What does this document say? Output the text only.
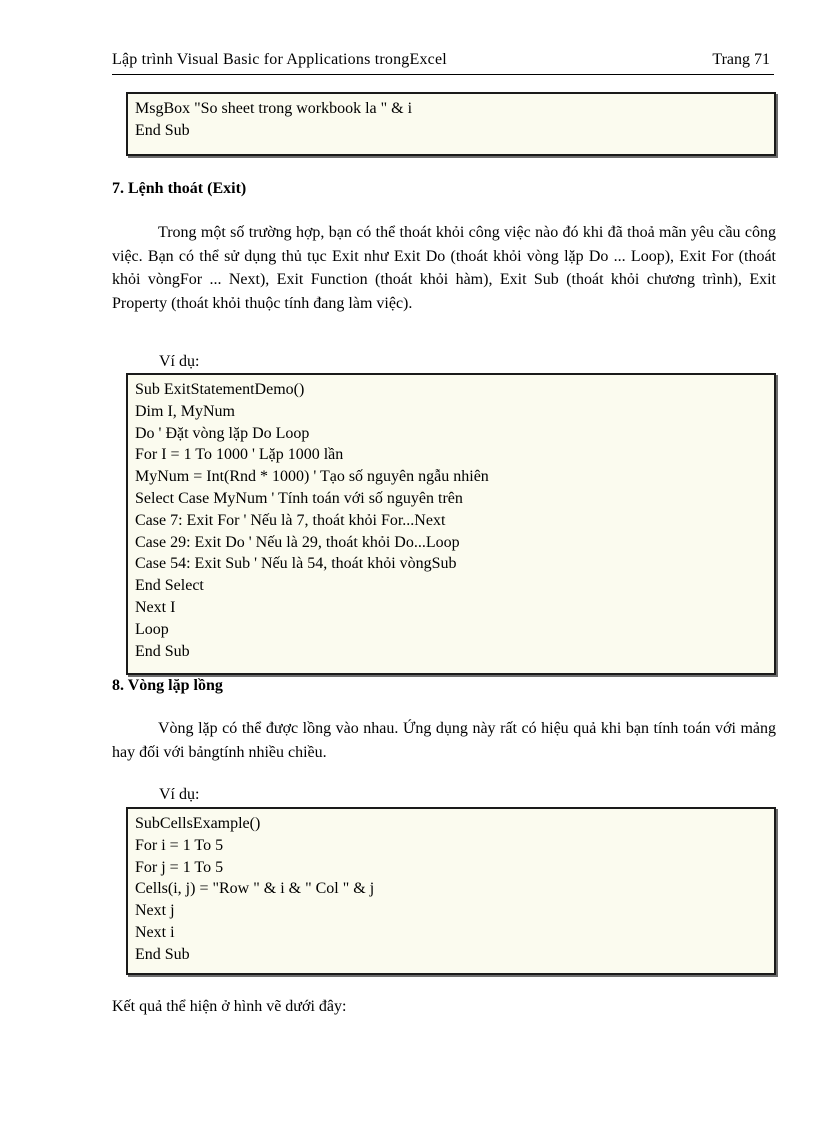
Lập trình Visual Basic for Applications trongExcel	Trang 71
MsgBox "So sheet trong workbook la " & i
End Sub
7. Lệnh thoát (Exit)

Trong một số trường hợp, bạn có thể thoát khỏi công việc nào đó khi đã thoả mãn yêu cầu công việc. Bạn có thể sử dụng thủ tục Exit như Exit Do (thoát khỏi vòng lặp Do ... Loop), Exit For (thoát khỏi vòngFor ... Next), Exit Function (thoát khỏi hàm), Exit Sub (thoát khỏi chương trình), Exit Property (thoát khỏi thuộc tính đang làm việc).

Ví dụ:
Sub ExitStatementDemo()
Dim I, MyNum
Do ' Đặt vòng lặp Do Loop
For I = 1 To 1000 ' Lặp 1000 lần
MyNum = Int(Rnd * 1000) ' Tạo số nguyên ngẫu nhiên
Select Case MyNum ' Tính toán với số nguyên trên
Case 7: Exit For ' Nếu là 7, thoát khỏi For...Next
Case 29: Exit Do ' Nếu là 29, thoát khỏi Do...Loop
Case 54: Exit Sub ' Nếu là 54, thoát khỏi vòngSub
End Select
Next I
Loop
End Sub
8. Vòng lặp lồng

Vòng lặp có thể được lồng vào nhau. Ứng dụng này rất có hiệu quả khi bạn tính toán với mảng hay đối với bảngtính nhiều chiều.

Ví dụ:
SubCellsExample()
For i = 1 To 5
For j = 1 To 5
Cells(i, j) = "Row " & i & " Col " & j
Next j
Next i
End Sub
Kết quả thể hiện ở hình vẽ dưới đây:
